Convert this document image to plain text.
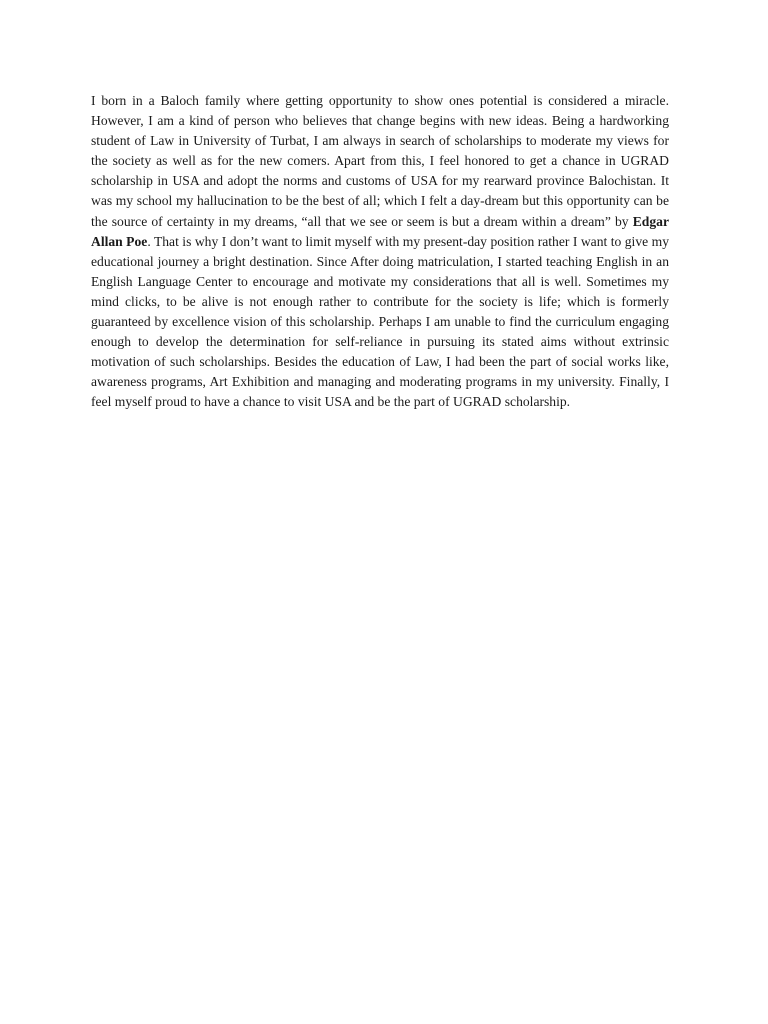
I born in a Baloch family where getting opportunity to show ones potential is considered a miracle. However, I am a kind of person who believes that change begins with new ideas. Being a hardworking student of Law in University of Turbat, I am always in search of scholarships to moderate my views for the society as well as for the new comers. Apart from this, I feel honored to get a chance in UGRAD scholarship in USA and adopt the norms and customs of USA for my rearward province Balochistan. It was my school my hallucination to be the best of all; which I felt a day-dream but this opportunity can be the source of certainty in my dreams, “all that we see or seem is but a dream within a dream” by Edgar Allan Poe. That is why I don’t want to limit myself with my present-day position rather I want to give my educational journey a bright destination. Since After doing matriculation, I started teaching English in an English Language Center to encourage and motivate my considerations that all is well. Sometimes my mind clicks, to be alive is not enough rather to contribute for the society is life; which is formerly guaranteed by excellence vision of this scholarship. Perhaps I am unable to find the curriculum engaging enough to develop the determination for self-reliance in pursuing its stated aims without extrinsic motivation of such scholarships. Besides the education of Law, I had been the part of social works like, awareness programs, Art Exhibition and managing and moderating programs in my university. Finally, I feel myself proud to have a chance to visit USA and be the part of UGRAD scholarship.
